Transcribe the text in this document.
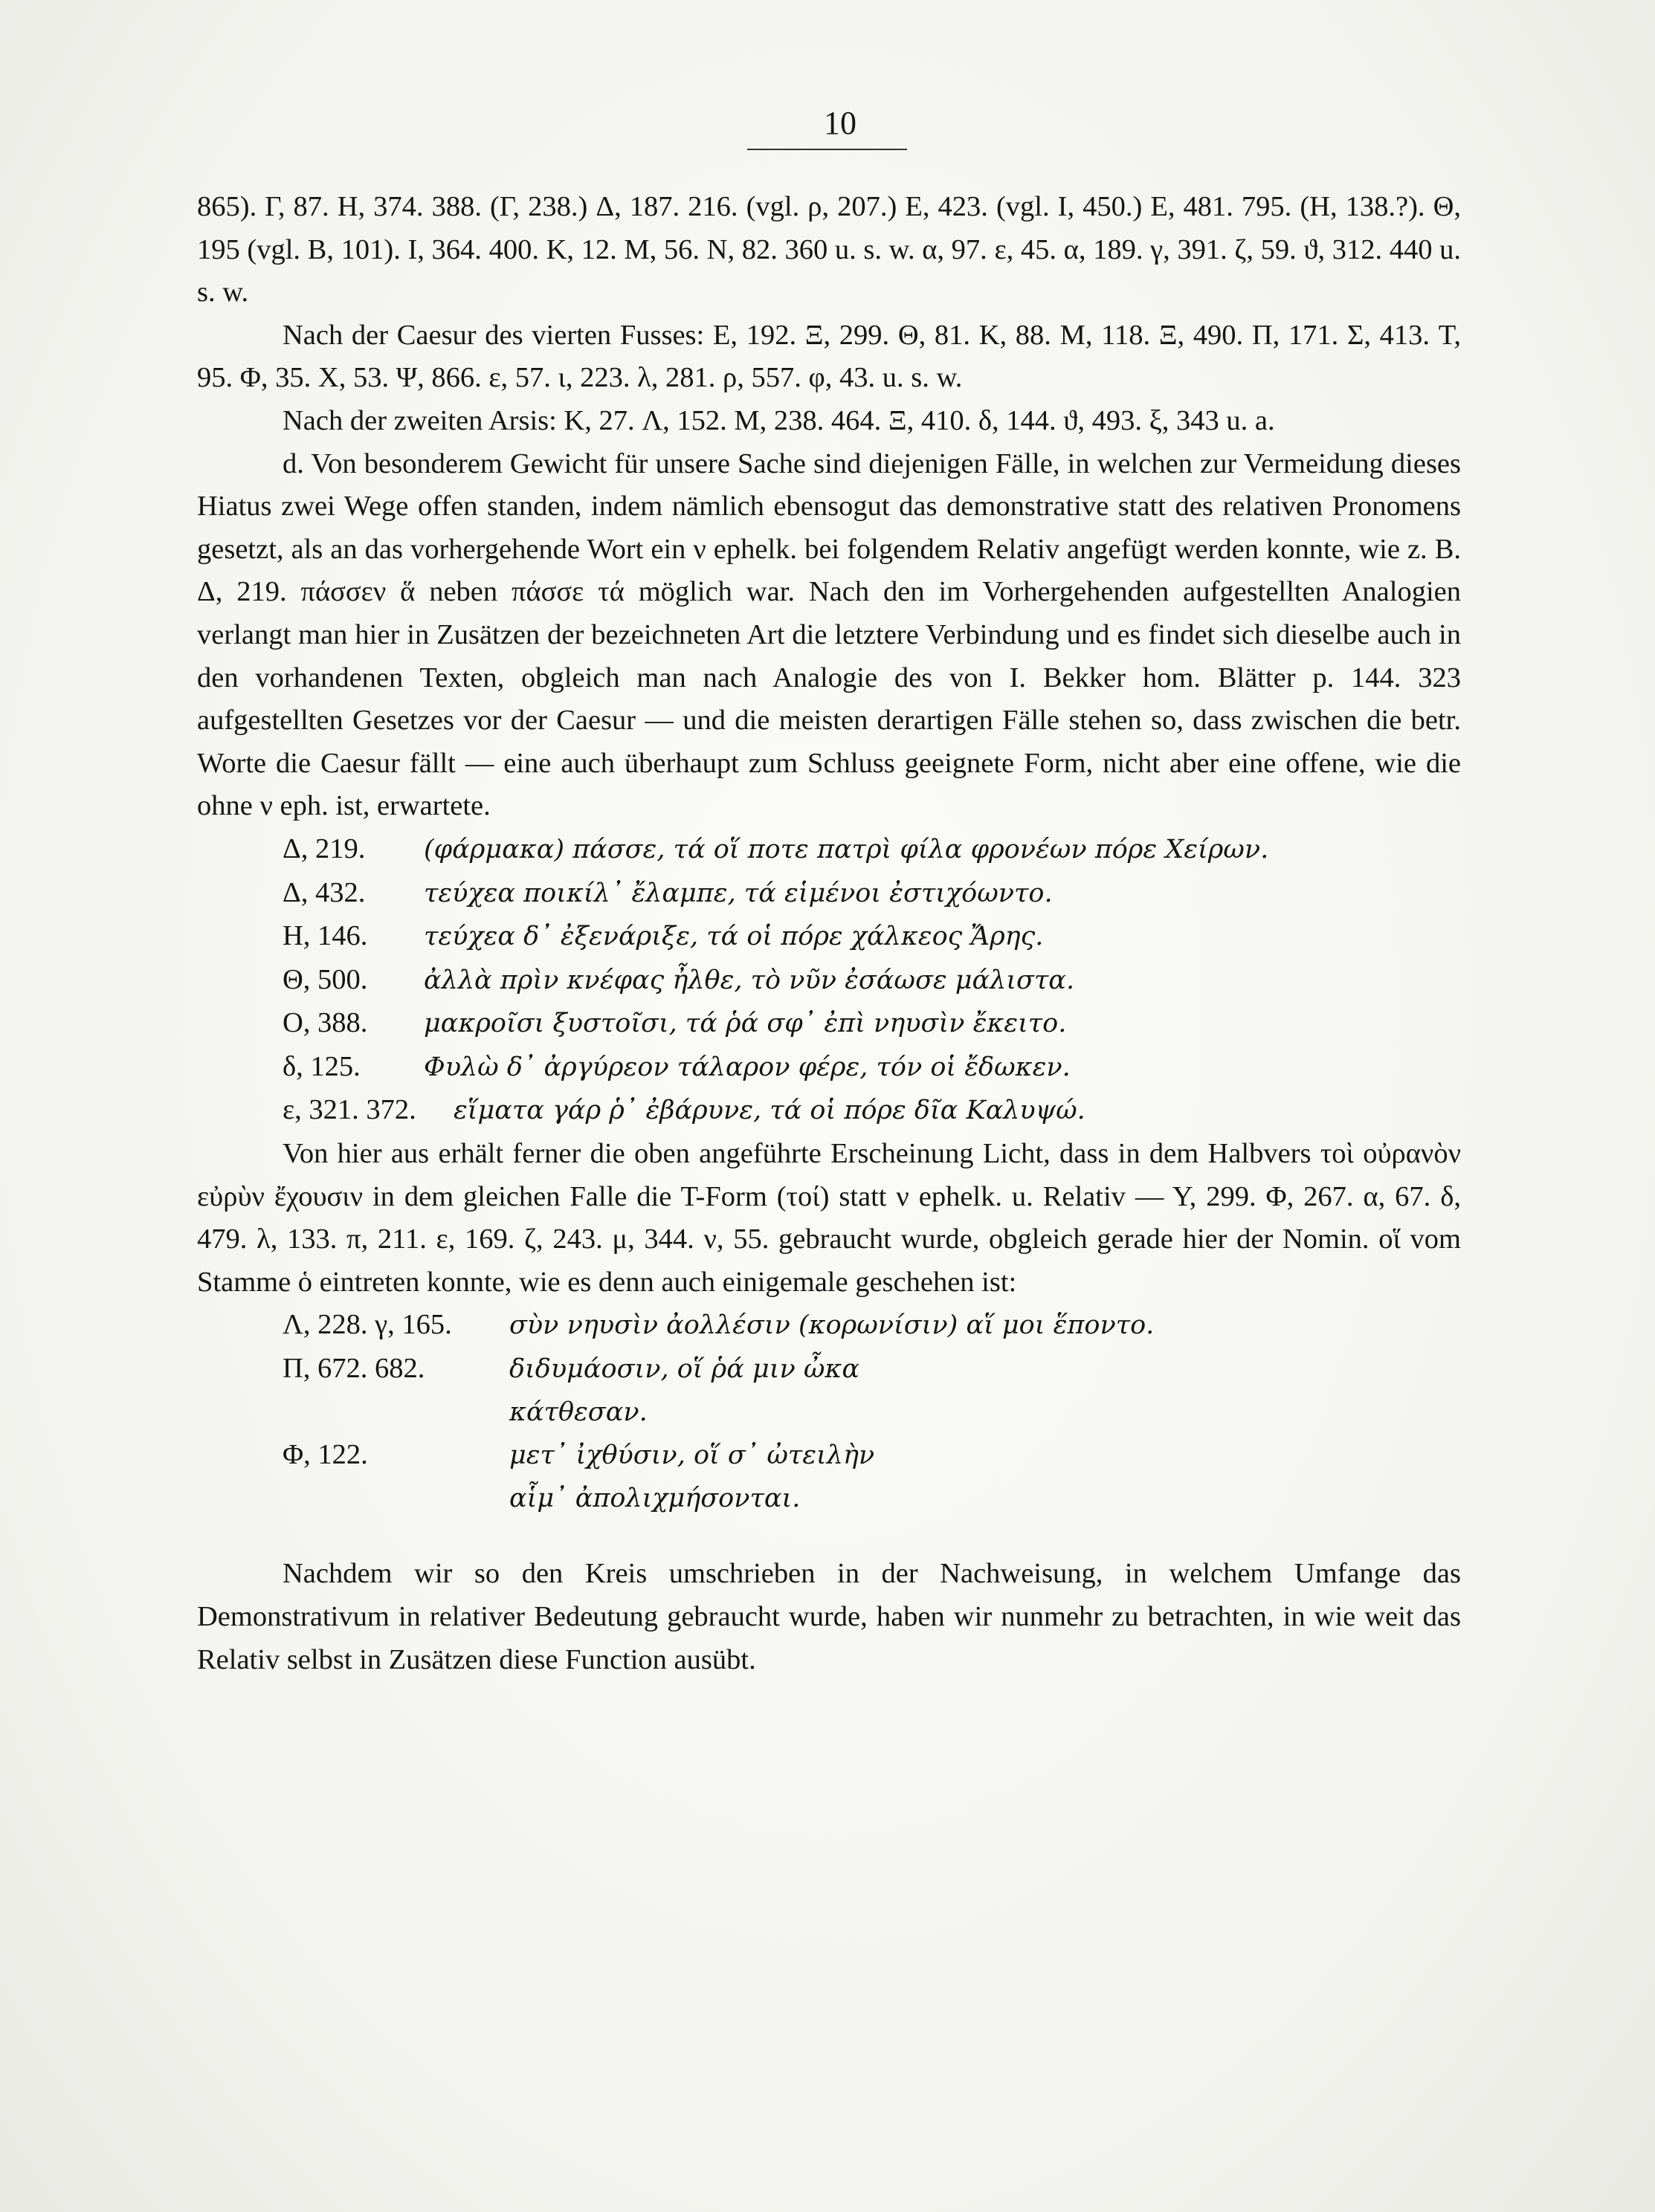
10

865). Γ, 87. H, 374. 388. (Γ, 238.) Δ, 187. 216. (vgl. ρ, 207.) E, 423. (vgl. I, 450.) E, 481. 795. (H, 138.?). Θ, 195 (vgl. B, 101). I, 364. 400. K, 12. M, 56. N, 82. 360 u. s. w. α, 97. ε, 45. α, 189. γ, 391. ζ, 59. ϑ, 312. 440 u. s. w.

Nach der Caesur des vierten Fusses: E, 192. Ξ, 299. Θ, 81. K, 88. M, 118. Ξ, 490. Π, 171. Σ, 413. T, 95. Φ, 35. X, 53. Ψ, 866. ε, 57. ι, 223. λ, 281. ρ, 557. φ, 43. u. s. w.

Nach der zweiten Arsis: K, 27. Λ, 152. M, 238. 464. Ξ, 410. δ, 144. ϑ, 493. ξ, 343 u. a.

d. Von besonderem Gewicht für unsere Sache sind diejenigen Fälle, in welchen zur Vermeidung dieses Hiatus zwei Wege offen standen, indem nämlich ebensogut das demonstrative statt des relativen Pronomens gesetzt, als an das vorhergehende Wort ein ν ephelk. bei folgendem Relativ angefügt werden konnte, wie z. B. Δ, 219. πάσσεν ἅ neben πάσσε τά möglich war. Nach den im Vorhergehenden aufgestellten Analogien verlangt man hier in Zusätzen der bezeichneten Art die letztere Verbindung und es findet sich dieselbe auch in den vorhandenen Texten, obgleich man nach Analogie des von I. Bekker hom. Blätter p. 144. 323 aufgestellten Gesetzes vor der Caesur — und die meisten derartigen Fälle stehen so, dass zwischen die betr. Worte die Caesur fällt — eine auch überhaupt zum Schluss geeignete Form, nicht aber eine offene, wie die ohne ν eph. ist, erwartete.

Δ, 219.	(φάρμακα) πάσσε, τά οἵ ποτε πατρὶ φίλα φρονέων πόρε Χείρων.
Δ, 432.	τεύχεα ποικίλ᾽ ἔλαμπε, τά εἱμένοι ἐστιχόωντο.
H, 146.	τεύχεα δ᾽ ἐξενάριξε, τά οἱ πόρε χάλκεος Ἄρης.
Θ, 500.	ἀλλὰ πρὶν κνέφας ἦλθε, τὸ νῦν ἐσάωσε μάλιστα.
O, 388.	μακροῖσι ξυστοῖσι, τά ῥά σφ᾽ ἐπὶ νηυσὶν ἔκειτο.
δ, 125.	Φυλὼ δ᾽ ἀργύρεον τάλαρον φέρε, τόν οἱ ἔδωκεν.
ε, 321. 372.	εἵματα γάρ ῥ᾽ ἐβάρυνε, τά οἱ πόρε δῖα Καλυψώ.

Von hier aus erhält ferner die oben angeführte Erscheinung Licht, dass in dem Halbvers τοὶ οὐρανὸν εὐρὺν ἔχουσιν in dem gleichen Falle die T-Form (τοί) statt ν ephelk. u. Relativ — Y, 299. Φ, 267. α, 67. δ, 479. λ, 133. π, 211. ε, 169. ζ, 243. μ, 344. ν, 55. gebraucht wurde, obgleich gerade hier der Nomin. οἵ vom Stamme ὁ eintreten konnte, wie es denn auch einigemale geschehen ist:

Λ, 228. γ, 165.	σὺν νηυσὶν ἀολλέσιν (κορωνίσιν) αἵ μοι ἕποντο.
Π, 672. 682.	διδυμάοσιν, οἵ ῥά μιν ὦκα
κάτθεσαν.
Φ, 122.	μετ᾽ ἰχθύσιν, οἵ σ᾽ ὠτειλὴν
αἷμ᾽ ἀπολιχμήσονται.

Nachdem wir so den Kreis umschrieben in der Nachweisung, in welchem Umfange das Demonstrativum in relativer Bedeutung gebraucht wurde, haben wir nunmehr zu betrachten, in wie weit das Relativ selbst in Zusätzen diese Function ausübt.
